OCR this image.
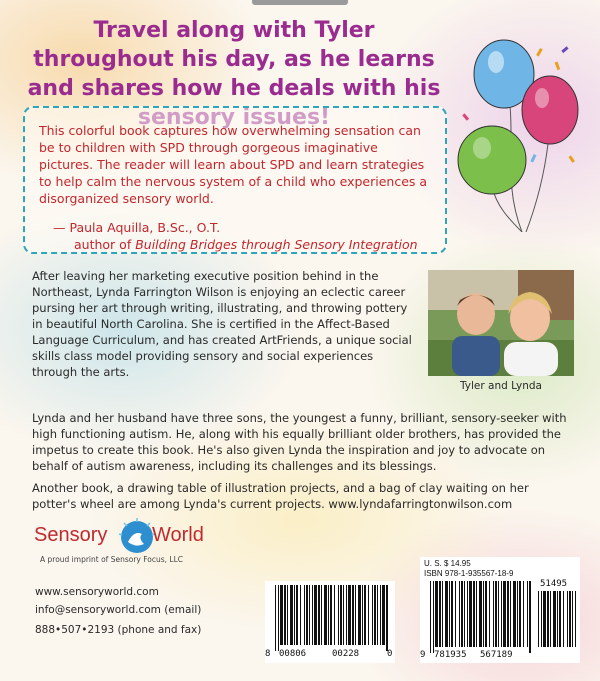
Travel along with Tyler throughout his day, as he learns and shares how he deals with his

This colorful book captures how overwhelming sensation can be to children with SPD through gorgeous imaginative pictures. The reader will learn about SPD and learn strategies to help calm the nervous system of a child who experiences a disorganized sensory world.

— Paula Aquilla, B.Sc., O.T.
author of Building Bridges through Sensory Integration

After leaving her marketing executive position behind in the Northeast, Lynda Farrington Wilson is enjoying an eclectic career pursing her art through writing, illustrating, and throwing pottery in beautiful North Carolina. She is certified in the Affect-Based Language Curriculum, and has created ArtFriends, a unique social skills class model providing sensory and social experiences through the arts.

Tyler and Lynda

Lynda and her husband have three sons, the youngest a funny, brilliant, sensory-seeker with high functioning autism. He, along with his equally brilliant older brothers, has provided the impetus to create this book. He's also given Lynda the inspiration and joy to advocate on behalf of autism awareness, including its challenges and its blessings.

Another book, a drawing table of illustration projects, and a bag of clay waiting on her potter's wheel are among Lynda's current projects. www.lyndafarringtonwilson.com

Sensory World
A proud imprint of Sensory Focus, LLC
www.sensoryworld.com
info@sensoryworld.com (email)
888•507•2193 (phone and fax)
8 00806	00228	0
U. S. $ 14.95
ISBN 978-1-935567-18-9
51495
9 781935 567189
